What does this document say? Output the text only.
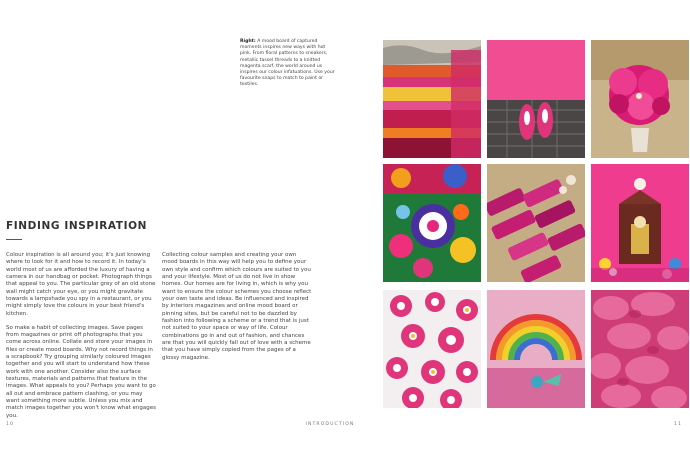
Right: A mood board of captured moments inspires new ways with hot pink. From floral patterns to sneakers, metallic tassel threads to a knitted magenta scarf, the world around us inspires our colour infatuations. Use your favourite snaps to match to paint or textiles.
FINDING INSPIRATION

Colour inspiration is all around you; it's just knowing where to look for it and how to record it. In today's world most of us are afforded the luxury of having a camera in our handbag or pocket. Photograph things that appeal to you. The particular grey of an old stone wall might catch your eye, or you might gravitate towards a lampshade you spy in a restaurant, or you might simply love the colours in your best friend's kitchen.

So make a habit of collecting images. Save pages from magazines or print off photographs that you come across online. Collate and store your images in files or create mood boards. Why not record things in a scrapbook? Try grouping similarly coloured images together and you will start to understand how these work with one another. Consider also the surface textures, materials and patterns that feature in the images. What appeals to you? Perhaps you want to go all out and embrace pattern clashing, or you may want something more subtle. Unless you mix and match images together you won't know what engages you.

Collecting colour samples and creating your own mood boards in this way will help you to define your own style and confirm which colours are suited to you and your lifestyle. Most of us do not live in show homes. Our homes are for living in, which is why you want to ensure the colour schemes you choose reflect your own taste and ideas. Be influenced and inspired by interiors magazines and online mood board or pinning sites, but be careful not to be dazzled by fashion into following a scheme or a trend that is just not suited to your space or way of life. Colour combinations go in and out of fashion, and chances are that you will quickly fall out of love with a scheme that you have simply copied from the pages of a glossy magazine.

10	INTRODUCTION	11
